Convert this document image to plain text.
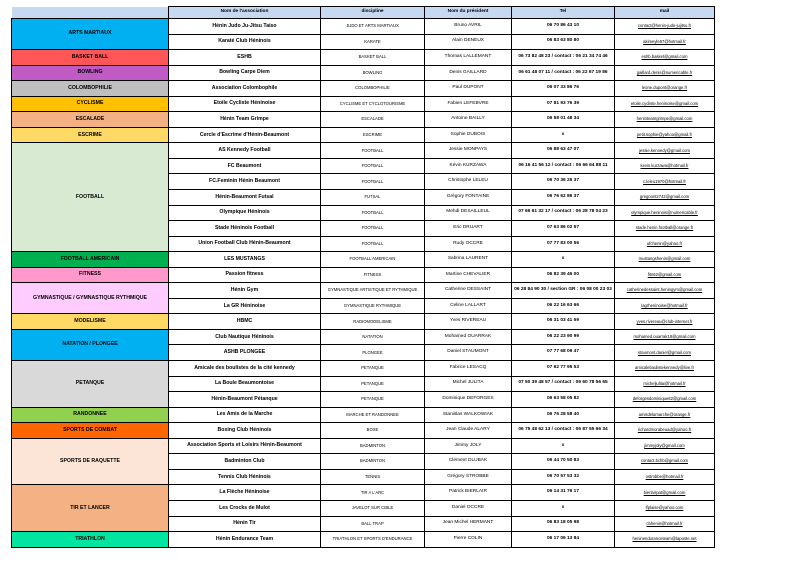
	Nom de l'association	discipline	Nom du président	Tel	mail
ARTS MARTIAUX	Hénin Judo Ju-Jitsu Taiso	JUDO ET ARTS MARTIAUX	Bruno AVRIL	06 70 86 43 10	contact@henin-judo-jujitsu.fr
	Karaté Club Héninois	KARATE	Alain DENEUX	06 83 63 80 80	akimeyle67@hotmail.fr
BASKET BALL	ESHB	BASKET BALL	Thomas LALLEMANT	06 73 82 48 23 / contact : 06 21 34 74 46	eshb.basket@gmail.com
BOWLING	Bowling Carpe Diem	BOWLING	Denis GAILLARD	06 61 48 07 11 / contact : 06 22 67 19 86	gaillard.denis@numericable.fr
COLOMBOPHILIE	Association Colombophile	COLOMBOPHILIE	Paul DUPONT	06 07 33 86 76	leone.dupont@orange.fr
CYCLISME	Etoile Cycliste Héninoise	CYCLISME ET CYCLOTOURISME	Fabien LEFEBVRE	07 81 93 76 39	etoile.cycliste.heninoise@gmail.com
ESCALADE	Hénin Team Grimpe	ESCALADE	Antoine BAILLY	06 58 01 48 34	heninteamgrimpe@gmail.com
ESCRIME	Cercle d'Escrime d'Hénin-Beaumont	ESCRIME	Sophie DUBOIS	x	petit.sophie@yahoo@gmail.fr
FOOTBALL	AS Kennedy Football	FOOTBALL	Jessie MONPAYS	06 88 63 47 07	jessie.kennedy@gmail.com
	FC Beaumont	FOOTBALL	Kévin KURZAWA	06 16 41 56 12 / contact : 06 66 64 88 11	kevin.kurzawa@hotmail.fr
	FC.Feminin Hénin Beaumont	FOOTBALL	Christophe LELEU	06 70 36 25 37	c.leleu1970@hotmail.fr
	Hénin-Beaumont Futsal	FUTSAL	Grégory FONTAINE	06 76 62 86 37	gregoont2742@gmail.com
	Olympique Héninois	FOOTBALL	Mehdi DESAILLEUL	07 66 61 32 17 / contact : 06 28 78 04 23	olympique.heninois@numericable.fr
	Stade Héninois Football	FOOTBALL	Eric DRUART	07 63 86 02 57	stade.henin.football@orange.fr
	Union Football Club Hénin-Beaumont	FOOTBALL	Rudy OCCRE	07 77 83 00 56	ufchenin@yahoo.fr
FOOTBALL AMERICAIN	LES MUSTANGS	FOOTBALL AMERICAIN	Sabrina LAURENT	x	mustangshenin@gmail.com
FITNESS	Passion fitness	FITNESS	Martine CHEVALIER	06 82 39 46 00	fitn62@gmail.com
GYMNASTIQUE / GYMNASTIQUE RYTHMIQUE	Hénin Gym	GYMNASTIQUE ARTISTIQUE ET RYTHMIQUE	Catherine DESSAINT	06 28 84 90 30 / section GR : 06 08 00 23 03	catherinedessaint.heningym@gmail.com
	La GR Héninoise	GYMNASTIQUE RYTHMIQUE	Celine LALLART	06 22 16 63 66	lagrheninoise@hotmail.fr
MODELISME	HBMC	RADIOMODELISME	Yves RIVEREAU	06 31 03 41 59	yves.rivereau@club-internet.fr
NATATION / PLONGEE	Club Nautique Héninois	NATATION	Mohamed OUARRAK	06 22 23 90 99	mohamed.ouarrak18@gmail.com
	ASHB PLONGEE	PLONGEE	Daniel STAUMONT	07 77 68 09 47	staumont.daniel@gmail.com
PETANQUE	Amicale des boulistes de la cité kennedy	PETANQUE	Fabrice LESACQ	07 62 77 95 53	amicaleboulistekennedy@live.fr
	La Boule Beaumontoise	PETANQUE	Michel JULITA	07 50 39 48 57 / contact : 06 60 78 56 65	micheljulita@hotmail.fr
	Hénin-Beaumont Pétanque	PETANQUE	Dominique DEFORGES	06 63 58 05 82	deforgesdominique62@gmail.com
RANDONNEE	Les Amis de la Marche	MARCHE ET RANDONNEE	Stanislas WALKOWIAK	06 76 28 58 40	amisdelamarche@orange.fr
SPORTS DE COMBAT	Boxing Club Héninois	BOXE	Jean Claude ALARY	06 75 48 62 13 / contact : 06 87 55 66 34	richardmorabeuad@yahoo.fr
SPORTS DE RAQUETTE	Association Sports et Loisirs Hénin-Beaumont	BADMINTON	Jimmy JOLY	x	jimmyjoly@gmail.com
	Badminton Club	BADMINTON	Clément DLUBAK	06 44 70 50 83	contact.bchb@gmail.com
	Tennis Club Héninois	TENNIS	Grégory STROBBE	06 70 57 53 32	ostrobbe@hotmail.fr
TIR ET LANCER	La Flèche Héninoise	TIR A L'ARC	Patrick BIERLAIR	06 14 31 76 17	bierlairpat@gmail.com
	Les Crocks de Mulot	JAVELOT SUR CIBLE	Daniel OCCRE	x	lfplaise@yahoo.com
	Hénin Tir	BALL TRAP	Jean Michel HERMANT	06 83 18 05 98	cbhenin@hotmail.fr
TRIATHLON	Hénin Endurance Team	TRIATHLON ET SPORTS D'ENDURANCE	Pierre COLIN	06 17 06 13 84	heninenduranceteam@laposte.net
